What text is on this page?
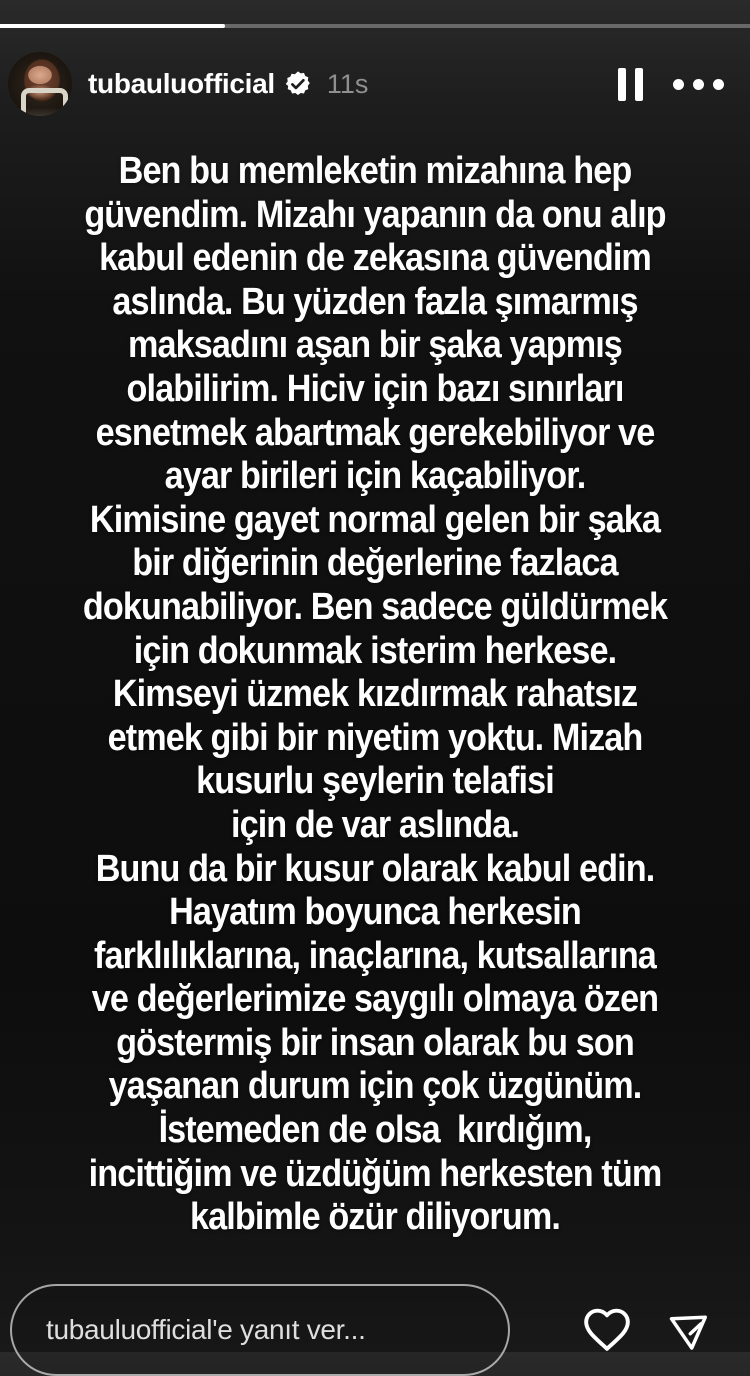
tubauluofficial 11s
Ben bu memleketin mizahına hep
güvendim. Mizahı yapanın da onu alıp
kabul edenin de zekasına güvendim
aslında. Bu yüzden fazla şımarmış
maksadını aşan bir şaka yapmış
olabilirim. Hiciv için bazı sınırları
esnetmek abartmak gerekebiliyor ve
ayar birileri için kaçabiliyor.
Kimisine gayet normal gelen bir şaka
bir diğerinin değerlerine fazlaca
dokunabiliyor. Ben sadece güldürmek
için dokunmak isterim herkese.
Kimseyi üzmek kızdırmak rahatsız
etmek gibi bir niyetim yoktu. Mizah
kusurlu şeylerin telafisi
için de var aslında.
Bunu da bir kusur olarak kabul edin.
Hayatım boyunca herkesin
farklılıklarına, inaçlarına, kutsallarına
ve değerlerimize saygılı olmaya özen
göstermiş bir insan olarak bu son
yaşanan durum için çok üzgünüm.
İstemeden de olsa  kırdığım,
incittiğim ve üzdüğüm herkesten tüm
kalbimle özür diliyorum.
tubauluofficial'e yanıt ver...
